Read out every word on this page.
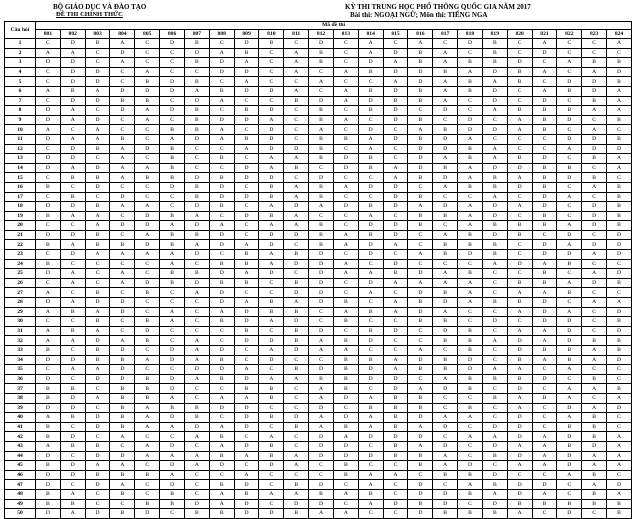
BỘ GIÁO DỤC VÀ ĐÀO TẠO
ĐỀ THI CHÍNH THỨC
KỲ THI TRUNG HỌC PHỔ THÔNG QUỐC GIA NĂM 2017
Bài thi: NGOẠI NGỮ; Môn thi: TIẾNG NGA
Câu hỏi	Mã đề thi																							
	801	802	803	804	805	806	807	808	809	810	811	812	813	814	815	816	817	818	819	820	821	822	823	824
1	C	D	B	A	C	D	B	C	D	B	C	D	C	A	C	A	C	D	B	C	A	C	C	A
2	A	A	C	D	C	C	D	A	B	C	A	B	C	A	D	B	A	C	B	C	D	C	C	C
3	D	D	C	A	C	C	B	D	A	C	A	B	C	D	A	B	A	B	B	D	C	A	B	B
4	C	D	D	C	A	C	C	D	D	C	A	C	A	B	D	D	B	A	D	B	A	C	A	D
5	C	D	D	C	B	D	B	C	A	C	C	A	C	C	A	D	A	B	A	B	C	D	D	B
6	A	B	A	D	D	D	A	B	D	D	A	C	A	B	D	B	A	B	D	C	A	B	D	A
7	C	D	D	B	B	C	D	A	C	C	B	D	A	D	B	B	A	C	D	C	D	C	B	A
8	D	A	C	D	A	D	B	C	B	D	C	B	C	B	D	C	D	C	A	B	B	B	A	A
9	D	A	D	C	A	C	B	D	D	A	C	B	A	C	D	B	C	D	C	A	B	D	C	B
10	A	C	A	C	C	B	B	A	C	D	C	A	C	D	C	A	B	D	D	A	B	C	A	C
11	D	A	A	B	C	A	D	A	B	D	C	B	B	A	D	B	D	A	C	C	C	D	D	B
12	C	D	B	A	D	B	C	C	A	D	D	B	C	A	C	D	D	B	A	C	C	A	D	D
13	D	D	C	A	C	B	C	B	C	A	A	B	D	B	C	D	A	B	A	B	D	C	B	A
14	D	A	D	A	A	B	C	C	D	A	B	C	D	B	A	D	B	A	D	D	B	B	C	A
15	C	B	B	A	B	B	D	B	D	D	C	D	C	C	A	B	D	A	B	A	B	D	B	C
16	B	C	D	C	C	D	B	D	C	B	A	B	A	D	D	C	A	B	B	D	B	C	A	B
17	C	B	C	D	C	C	B	D	D	B	A	B	C	C	D	B	C	C	A	C	D	A	C	B
18	D	D	B	A	A	C	D	B	C	A	D	A	D	B	D	A	D	A	D	A	D	C	D	B
19	B	A	A	C	D	B	A	C	D	B	A	C	C	A	C	B	B	A	D	C	B	C	D	B
20	C	C	A	D	D	A	D	A	C	A	A	B	C	D	D	B	C	A	B	B	B	A	D	B
21	D	D	B	C	A	B	B	D	C	D	D	B	A	B	D	C	A	B	D	B	C	D	C	D
22	B	A	B	B	D	B	A	D	A	D	C	B	A	D	A	C	B	B	B	C	D	A	D	D
23	C	D	A	A	A	A	D	C	B	A	B	D	C	D	C	A	B	D	B	C	D	D	A	D
24	B	C	C	C	C	A	C	B	B	A	D	D	A	C	D	C	C	C	A	D	A	B	C	C
25	D	A	C	A	C	B	B	D	A	D	C	D	A	A	B	D	A	B	C	C	B	C	A	D
26	C	A	C	A	D	B	D	B	B	C	B	D	C	D	A	A	A	A	C	B	B	A	D	B
27	A	C	B	C	B	C	A	D	C	C	D	D	C	A	C	D	B	A	C	A	A	B	C	C
28	D	A	D	D	C	C	C	D	A	B	A	D	B	C	A	B	D	A	B	B	D	C	A	A
29	A	B	A	D	C	A	C	A	D	B	B	C	A	B	A	D	A	C	C	A	D	A	C	D
30	C	C	B	C	B	A	C	B	D	A	D	C	B	C	C	B	B	C	D	C	D	D	C	B
31	A	B	A	C	D	C	C	C	B	C	B	D	C	B	D	C	D	B	C	A	A	D	C	D
32	A	A	D	A	B	C	A	C	D	D	B	A	B	D	C	C	B	B	A	D	A	D	B	B
33	B	C	B	D	C	D	A	D	C	A	D	A	A	C	C	A	C	B	C	D	B	B	A	B
34	D	D	B	B	A	D	A	B	C	D	C	C	B	B	A	D	B	D	C	B	A	B	A	D
35	C	A	A	D	C	C	D	D	A	C	B	D	B	D	A	B	B	D	A	A	C	A	C	C
36	D	C	D	D	B	D	A	B	D	A	A	B	B	D	D	C	A	B	B	B	D	C	B	C
37	B	B	C	B	B	D	C	C	B	B	C	A	B	C	D	A	D	B	C	D	C	A	A	B
38	B	D	A	B	B	A	C	A	A	B	C	A	D	A	B	B	C	C	B	A	B	A	C	A
39	D	D	C	B	A	B	B	D	D	C	C	D	C	B	B	B	C	B	C	A	C	D	A	D
40	A	B	D	B	A	D	B	C	D	B	D	A	D	A	B	D	A	A	C	D	C	A	B	C
41	B	C	D	B	A	A	D	A	D	C	B	A	B	A	B	A	D	C	D	D	C	B	B	C
42	B	D	C	A	C	C	A	B	C	A	C	D	A	D	D	D	C	A	A	D	A	D	B	A
43	A	B	B	C	A	D	C	A	D	B	C	D	D	C	B	A	D	C	D	A	A	B	D	A
44	D	C	D	D	A	A	A	B	A	B	A	D	D	D	B	B	A	C	B	D	A	D	A	A
45	B	D	A	A	C	D	A	D	C	D	A	C	B	C	C	B	A	D	C	A	A	D	A	A
46	D	D	B	B	B	A	C	C	A	C	C	C	B	A	A	C	B	B	D	C	C	A	B	C
47	D	C	D	A	C	D	C	B	D	C	B	D	C	A	C	D	C	A	B	D	D	C	A	D
48	B	A	C	B	C	B	C	A	B	A	A	B	A	B	C	D	D	B	A	D	A	C	B	A
49	B	B	C	C	B	B	D	A	D	C	D	D	C	A	D	B	D	C	D	B	B	B	B	B
50	D	A	D	B	D	C	B	B	D	D	B	A	A	C	C	D	B	B	B	A	C	D	C	B
